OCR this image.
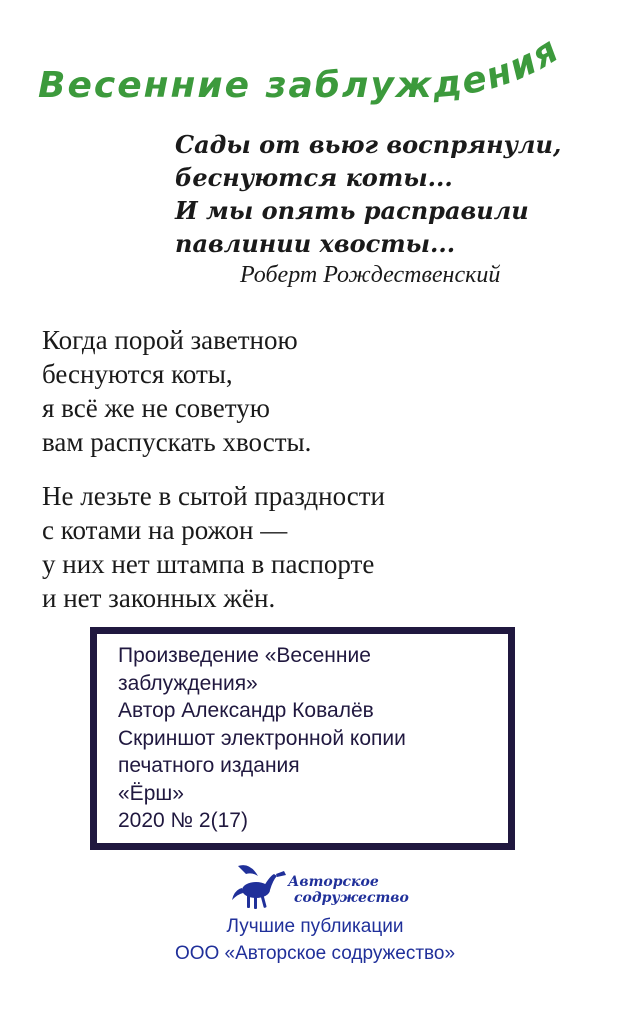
Весенние заблуждения
Сады от вьюг воспрянули,
беснуются коты...
И мы опять расправили
павлинии хвосты...
Роберт Рождественский
Когда порой заветною
беснуются коты,
я всё же не советую
вам распускать хвосты.
Не лезьте в сытой праздности
с котами на рожон —
у них нет штампа в паспорте
и нет законных жён.
Произведение «Весенние
заблуждения»
Автор Александр Ковалёв
Скриншот электронной копии
печатного издания
«Ёрш»
2020 № 2(17)
Авторское
содружество
Лучшие публикации
ООО «Авторское содружество»
